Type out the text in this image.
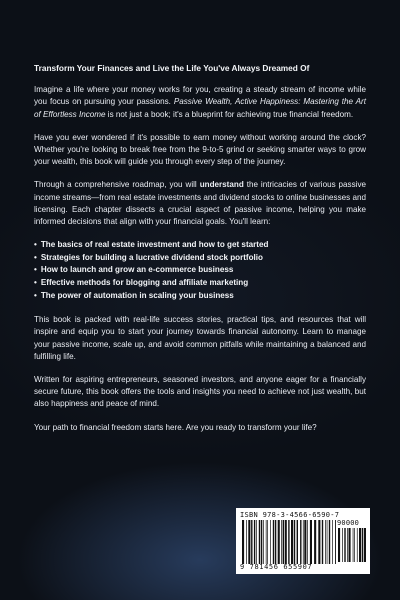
Transform Your Finances and Live the Life You've Always Dreamed Of

Imagine a life where your money works for you, creating a steady stream of income while you focus on pursuing your passions. Passive Wealth, Active Happiness: Mastering the Art of Effortless Income is not just a book; it's a blueprint for achieving true financial freedom.

Have you ever wondered if it's possible to earn money without working around the clock? Whether you're looking to break free from the 9-to-5 grind or seeking smarter ways to grow your wealth, this book will guide you through every step of the journey.

Through a comprehensive roadmap, you will understand the intricacies of various passive income streams—from real estate investments and dividend stocks to online businesses and licensing. Each chapter dissects a crucial aspect of passive income, helping you make informed decisions that align with your financial goals. You'll learn:

• The basics of real estate investment and how to get started
• Strategies for building a lucrative dividend stock portfolio
• How to launch and grow an e-commerce business
• Effective methods for blogging and affiliate marketing
• The power of automation in scaling your business

This book is packed with real-life success stories, practical tips, and resources that will inspire and equip you to start your journey towards financial autonomy. Learn to manage your passive income, scale up, and avoid common pitfalls while maintaining a balanced and fulfilling life.

Written for aspiring entrepreneurs, seasoned investors, and anyone eager for a financially secure future, this book offers the tools and insights you need to achieve not just wealth, but also happiness and peace of mind.

Your path to financial freedom starts here. Are you ready to transform your life?

ISBN 978-3-4566-6590-7
90000
9 781456 655907
